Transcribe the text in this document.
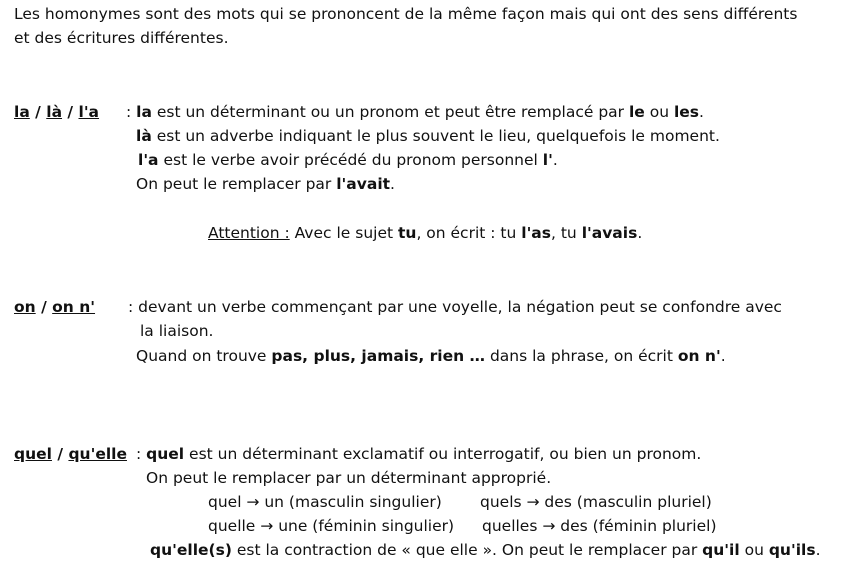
Les homonymes sont des mots qui se prononcent de la même façon mais qui ont des sens différents
et des écritures différentes.
la / là / l'a : la est un déterminant ou un pronom et peut être remplacé par le ou les.
là est un adverbe indiquant le plus souvent le lieu, quelquefois le moment.
l'a est le verbe avoir précédé du pronom personnel l'.
On peut le remplacer par l'avait.
Attention : Avec le sujet tu, on écrit : tu l'as, tu l'avais.
on / on n' : devant un verbe commençant par une voyelle, la négation peut se confondre avec
la liaison.
Quand on trouve pas, plus, jamais, rien … dans la phrase, on écrit on n'.
quel / qu'elle : quel est un déterminant exclamatif ou interrogatif, ou bien un pronom.
On peut le remplacer par un déterminant approprié.
quel → un (masculin singulier) quels → des (masculin pluriel)
quelle → une (féminin singulier) quelles → des (féminin pluriel)
qu'elle(s) est la contraction de « que elle ». On peut le remplacer par qu'il ou qu'ils.
